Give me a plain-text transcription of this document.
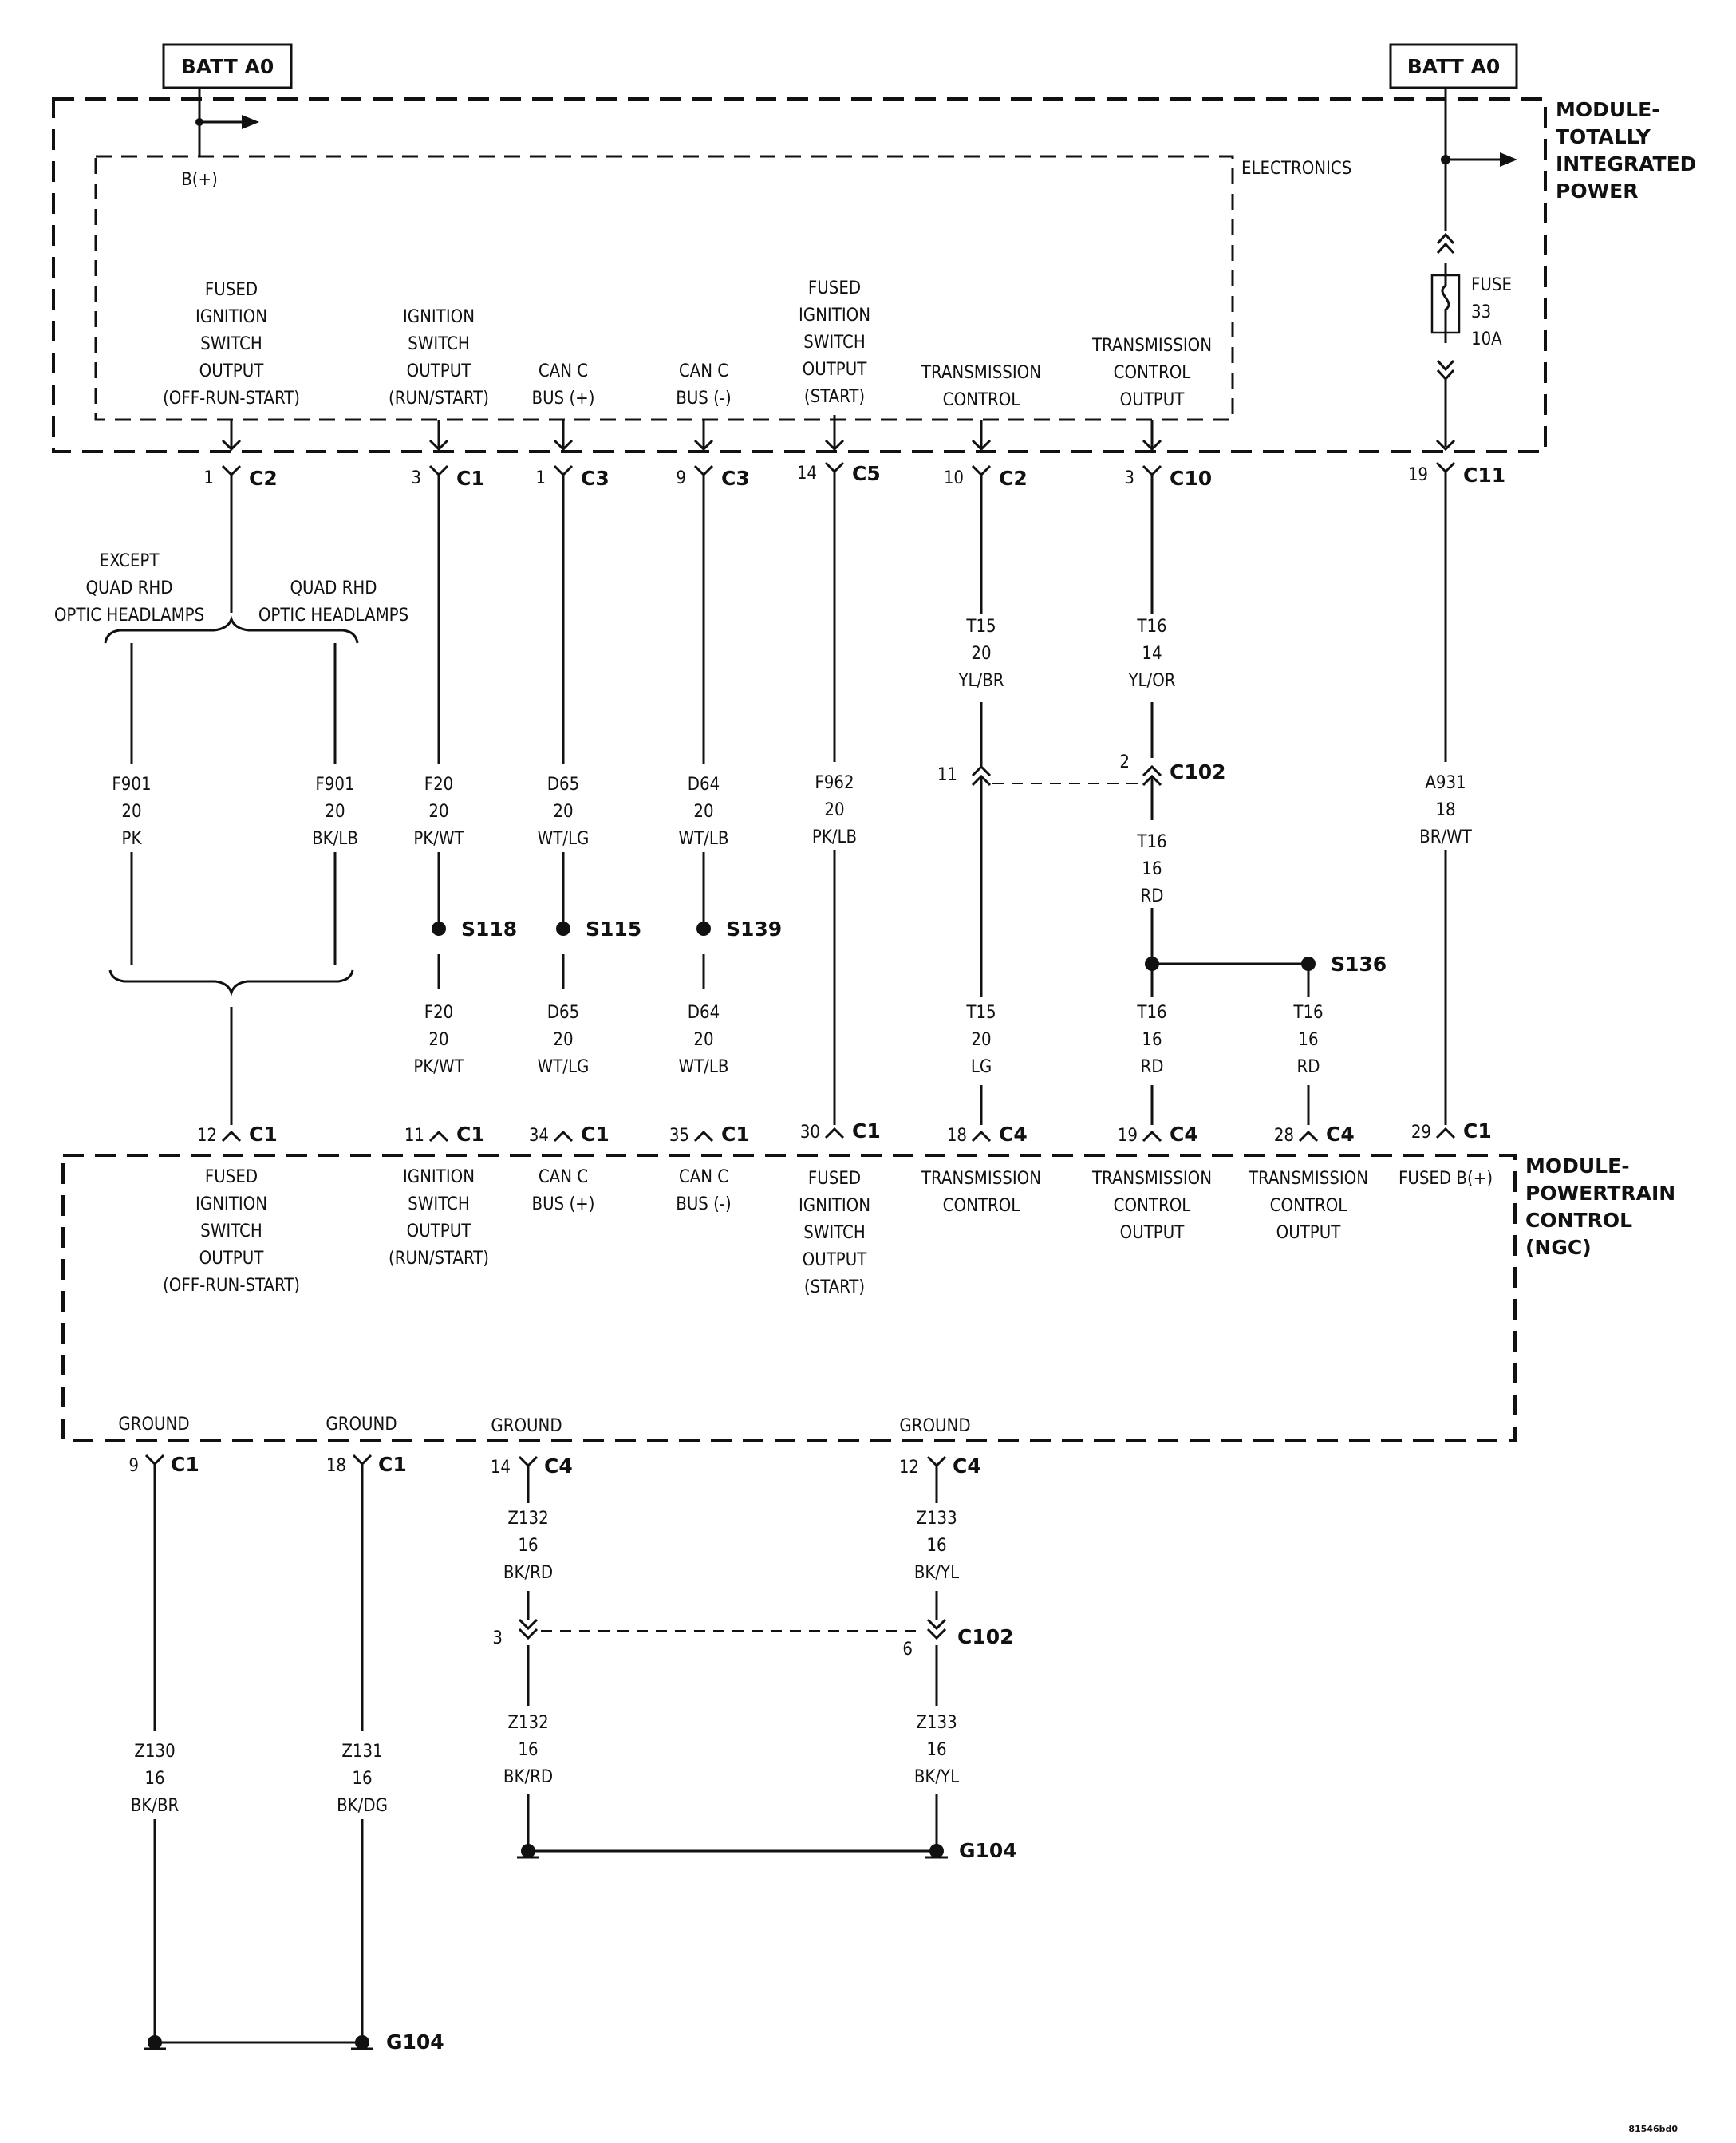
BATT A0	BATT A0
ELECTRONICS
MODULE-
TOTALLY
INTEGRATED
POWER
B(+)
FUSE
33
10A
FUSED
IGNITION
SWITCH
OUTPUT
(OFF-RUN-START)
IGNITION
SWITCH
OUTPUT
(RUN/START)
CAN C
BUS (+)
CAN C
BUS (-)
FUSED
IGNITION
SWITCH
OUTPUT
(START)
TRANSMISSION
CONTROL
TRANSMISSION
CONTROL
OUTPUT
1 C2	3 C1	1 C3	9 C3	14 C5	10 C2	3 C10	19 C11
EXCEPT
QUAD RHD
OPTIC HEADLAMPS
QUAD RHD
OPTIC HEADLAMPS
11
2 C102
S118	S115	S139
S136
F901
20
PK
F901
20
BK/LB
F20
20
PK/WT
D65
20
WT/LG
D64
20
WT/LB
F962
20
PK/LB
T15
20
YL/BR
T16
14
YL/OR
A931
18
BR/WT
T16
16
RD
F20
20
PK/WT
D65
20
WT/LG
D64
20
WT/LB
T15
20
LG
T16
16
RD
T16
16
RD
12 C1	11 C1	34 C1	35 C1	30 C1	18 C4	19 C4	28 C4	29 C1
MODULE-
POWERTRAIN
CONTROL
(NGC)
FUSED
IGNITION
SWITCH
OUTPUT
(OFF-RUN-START)
IGNITION
SWITCH
OUTPUT
(RUN/START)
CAN C
BUS (+)
CAN C
BUS (-)
FUSED
IGNITION
SWITCH
OUTPUT
(START)
TRANSMISSION
CONTROL
TRANSMISSION
CONTROL
OUTPUT
TRANSMISSION
CONTROL
OUTPUT
FUSED B(+)
GROUND	GROUND	GROUND	GROUND
9 C1	18 C1	14 C4	12 C4
3
6
C102
Z132
16
BK/RD
Z133
16
BK/YL
Z132
16
BK/RD
Z133
16
BK/YL
Z130
16
BK/BR
Z131
16
BK/DG
G104
G104
81546bd0
